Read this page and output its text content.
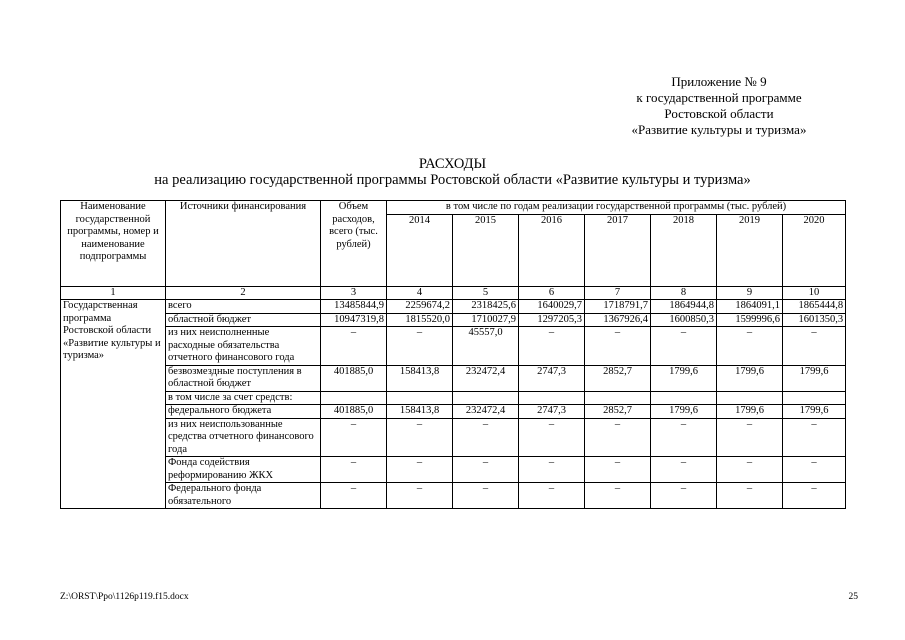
Приложение № 9
к государственной программе
Ростовской области
«Развитие культуры и туризма»
РАСХОДЫ
на реализацию государственной программы Ростовской области «Развитие культуры и туризма»
Наименование государственной программы, номер и наименование подпрограммы	Источники финансирования	Объем расходов, всего (тыс. рублей)	в том числе по годам реализации государственной программы (тыс. рублей)						
			2014	2015	2016	2017	2018	2019	2020
1	2	3	4	5	6	7	8	9	10
Государственная программа Ростовской области «Развитие культуры и туризма»	всего	13485844,9	2259674,2	2318425,6	1640029,7	1718791,7	1864944,8	1864091,1	1865444,8
	областной бюджет	10947319,8	1815520,0	1710027,9	1297205,3	1367926,4	1600850,3	1599996,6	1601350,3
	из них неисполненные расходные обязательства отчетного финансового года	–	–	45557,0	–	–	–	–	–
	безвозмездные поступления в областной бюджет	401885,0	158413,8	232472,4	2747,3	2852,7	1799,6	1799,6	1799,6
	в том числе за счет средств:								
	федерального бюджета	401885,0	158413,8	232472,4	2747,3	2852,7	1799,6	1799,6	1799,6
	из них неиспользованные средства отчетного финансового года	–	–	–	–	–	–	–	–
	Фонда содействия реформированию ЖКХ	–	–	–	–	–	–	–	–
	Федерального фонда обязательного	–	–	–	–	–	–	–	–
Z:\ORST\Ppo\1126p119.f15.docx	25
